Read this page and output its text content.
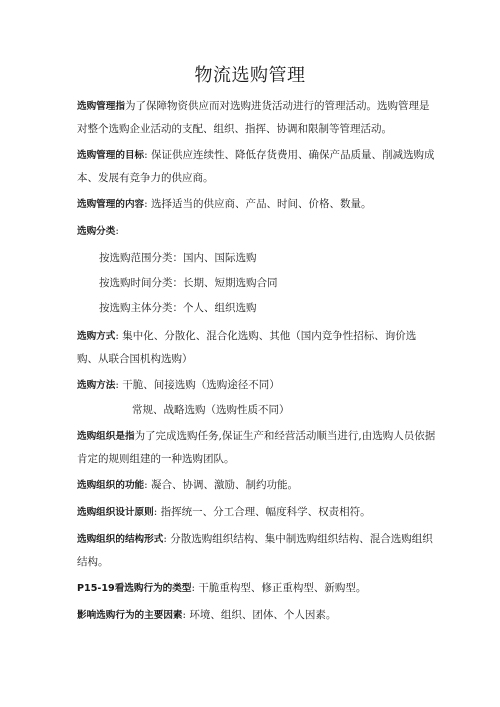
物流选购管理

选购管理指为了保障物资供应而对选购进货活动进行的管理活动。选购管理是对整个选购企业活动的支配、组织、指挥、协调和限制等管理活动。

选购管理的目标: 保证供应连续性、降低存货费用、确保产品质量、削减选购成本、发展有竞争力的供应商。

选购管理的内容: 选择适当的供应商、产品、时间、价格、数量。

选购分类:

按选购范围分类：国内、国际选购

按选购时间分类：长期、短期选购合同

按选购主体分类：个人、组织选购

选购方式: 集中化、分散化、混合化选购、其他（国内竞争性招标、询价选购、从联合国机构选购）

选购方法: 干脆、间接选购（选购途径不同）

常规、战略选购（选购性质不同）

选购组织是指为了完成选购任务,保证生产和经营活动顺当进行,由选购人员依据肯定的规则组建的一种选购团队。

选购组织的功能: 凝合、协调、激励、制约功能。

选购组织设计原则: 指挥统一、分工合理、幅度科学、权责相符。

选购组织的结构形式: 分散选购组织结构、集中制选购组织结构、混合选购组织结构。

P15-19看选购行为的类型: 干脆重构型、修正重构型、新购型。

影响选购行为的主要因素: 环境、组织、团体、个人因素。
